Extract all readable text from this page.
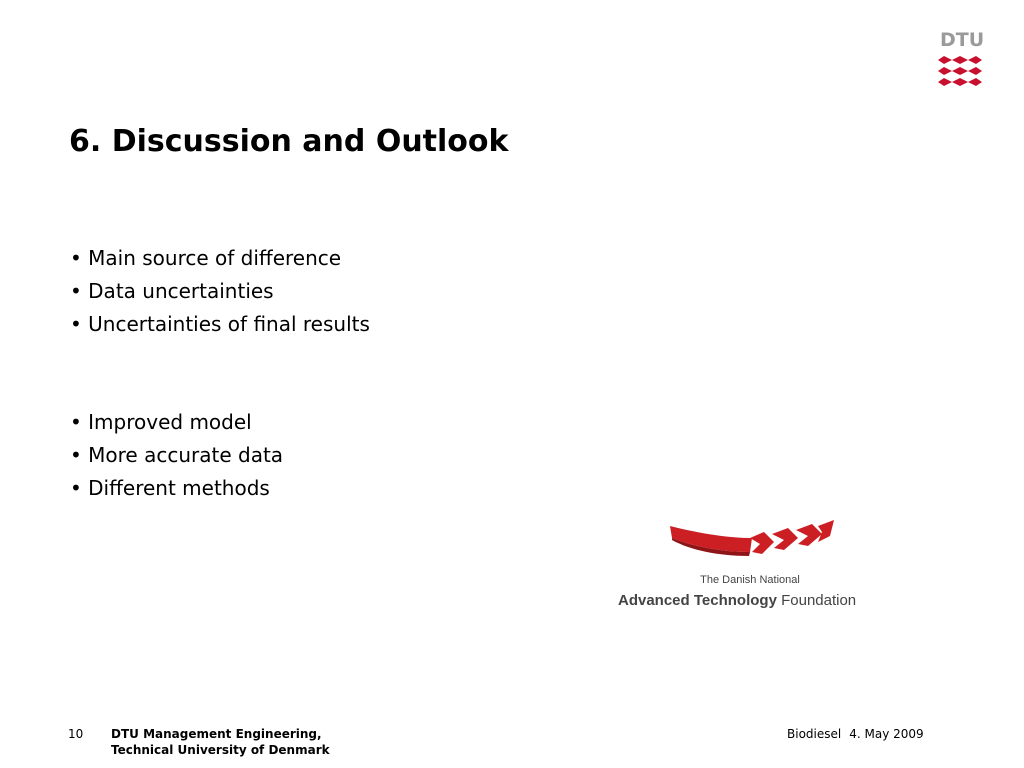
DTU
6. Discussion and Outlook
• Main source of difference
• Data uncertainties
• Uncertainties of final results
• Improved model
• More accurate data
• Different methods
The Danish National
Advanced Technology Foundation
10 DTU Management Engineering,
Technical University of Denmark
Biodiesel 4. May 2009
